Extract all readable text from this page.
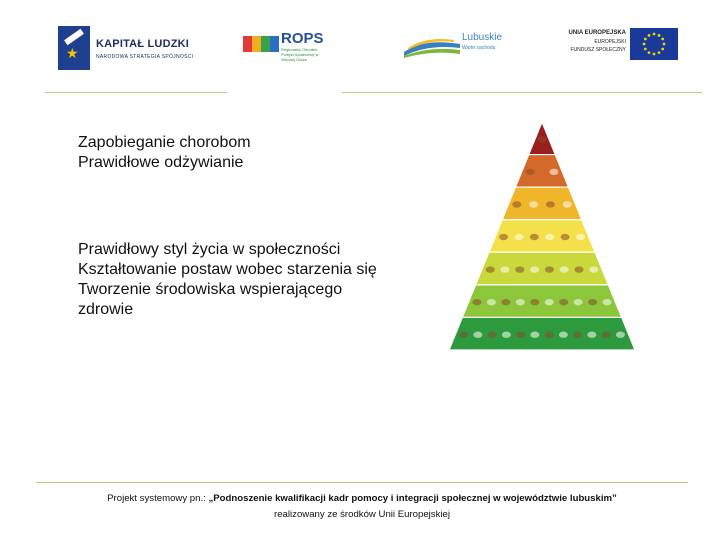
★
KAPITAŁ LUDZKI
NARODOWA STRATEGIA SPÓJNOŚCI
ROPS
Regionalny Ośrodek Polityki Społecznej w Zielonej Górze
Lubuskie
Warte zachodu
UNIA EUROPEJSKA
EUROPEJSKI
FUNDUSZ SPOŁECZNY
Zapobieganie chorobom
Prawidłowe odżywianie
Prawidłowy styl życia w społeczności
Kształtowanie postaw wobec starzenia się
Tworzenie środowiska wspierającego
zdrowie
Projekt systemowy pn.: „Podnoszenie kwalifikacji kadr pomocy i integracji społecznej w województwie lubuskim”
realizowany ze środków Unii Europejskiej
